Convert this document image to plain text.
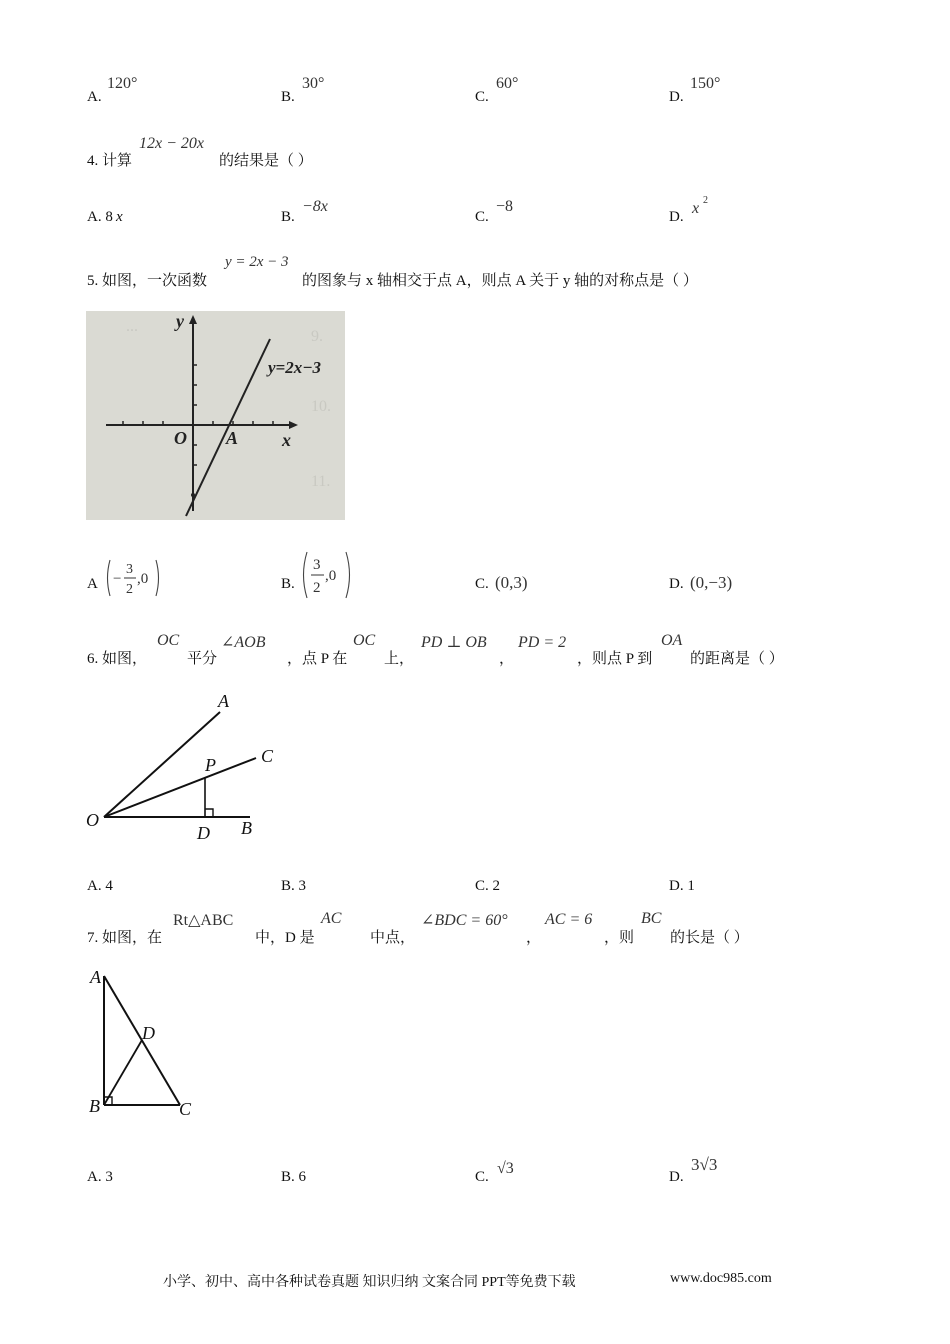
A.
120°
B.
30°
C.
60°
D.
150°
4. 计算
12x − 20x
的结果是（ ）
A. 8 x	B.
−8x
C.
−8
D. x 2
5. 如图，一次函数
y = 2x − 3
的图象与 x 轴相交于点 A，则点 A 关于 y 轴的对称点是（ ）
...
9.
10.
11.
y
x
O A
y=2x−3
A −
3
2
,0	B.
3
2
,0	C. (0,3)	D. (0,−3)
6. 如图，
OC
平分
∠AOB
，点 P 在
OC
上，
PD ⊥ OB
，
PD = 2
，则点 P 到
OA
的距离是（ ）
A
C
P
O
D B
A. 4	B. 3	C. 2	D. 1
7. 如图，在
Rt△ABC
中，D 是
AC
中点，
∠BDC = 60°
，
AC = 6
，则
BC
的长是（ ）
A
D
B	C
A. 3	B. 6	C. √3	D.
3√3
小学、初中、高中各种试卷真题 知识归纳 文案合同 PPT等免费下载	www.doc985.com
